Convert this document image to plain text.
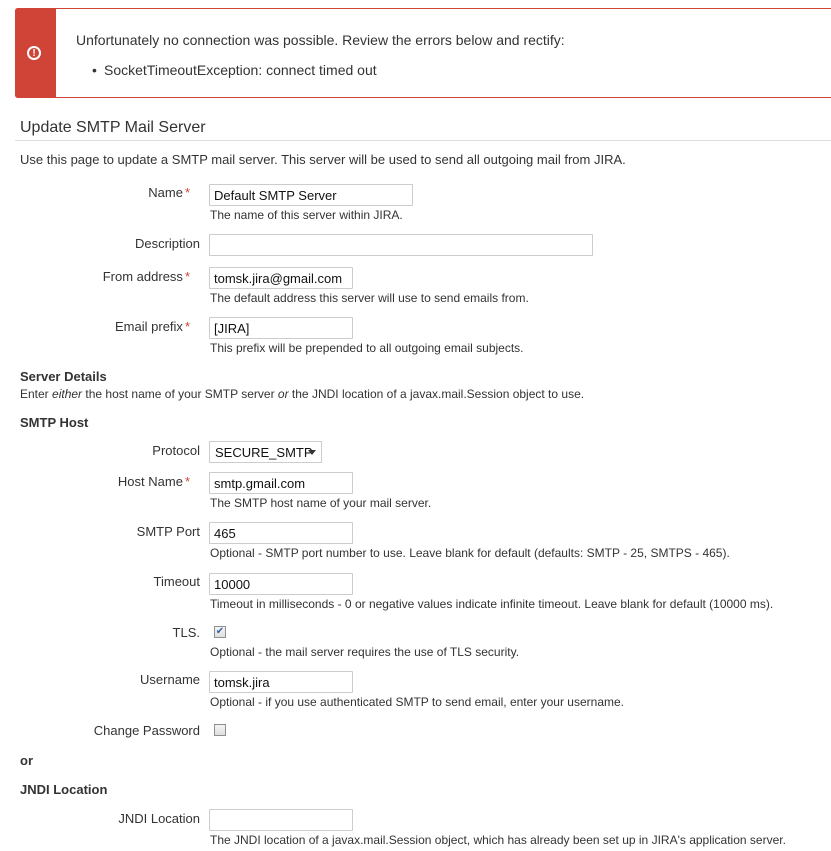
!
Unfortunately no connection was possible. Review the errors below and rectify:
• SocketTimeoutException: connect timed out
Update SMTP Mail Server
Use this page to update a SMTP mail server. This server will be used to send all outgoing mail from JIRA.
Name *
Default SMTP Server
The name of this server within JIRA.
Description
From address *
tomsk.jira@gmail.com
The default address this server will use to send emails from.
Email prefix *
[JIRA]
This prefix will be prepended to all outgoing email subjects.
Server Details
Enter either the host name of your SMTP server or the JNDI location of a javax.mail.Session object to use.
SMTP Host
Protocol	SECURE_SMTP
Host Name *
smtp.gmail.com
The SMTP host name of your mail server.
SMTP Port
465
Optional - SMTP port number to use. Leave blank for default (defaults: SMTP - 25, SMTPS - 465).
Timeout
10000
Timeout in milliseconds - 0 or negative values indicate infinite timeout. Leave blank for default (10000 ms).
TLS. ✔
Optional - the mail server requires the use of TLS security.
Username
tomsk.jira
Optional - if you use authenticated SMTP to send email, enter your username.
Change Password
or
JNDI Location
JNDI Location
The JNDI location of a javax.mail.Session object, which has already been set up in JIRA's application server.
